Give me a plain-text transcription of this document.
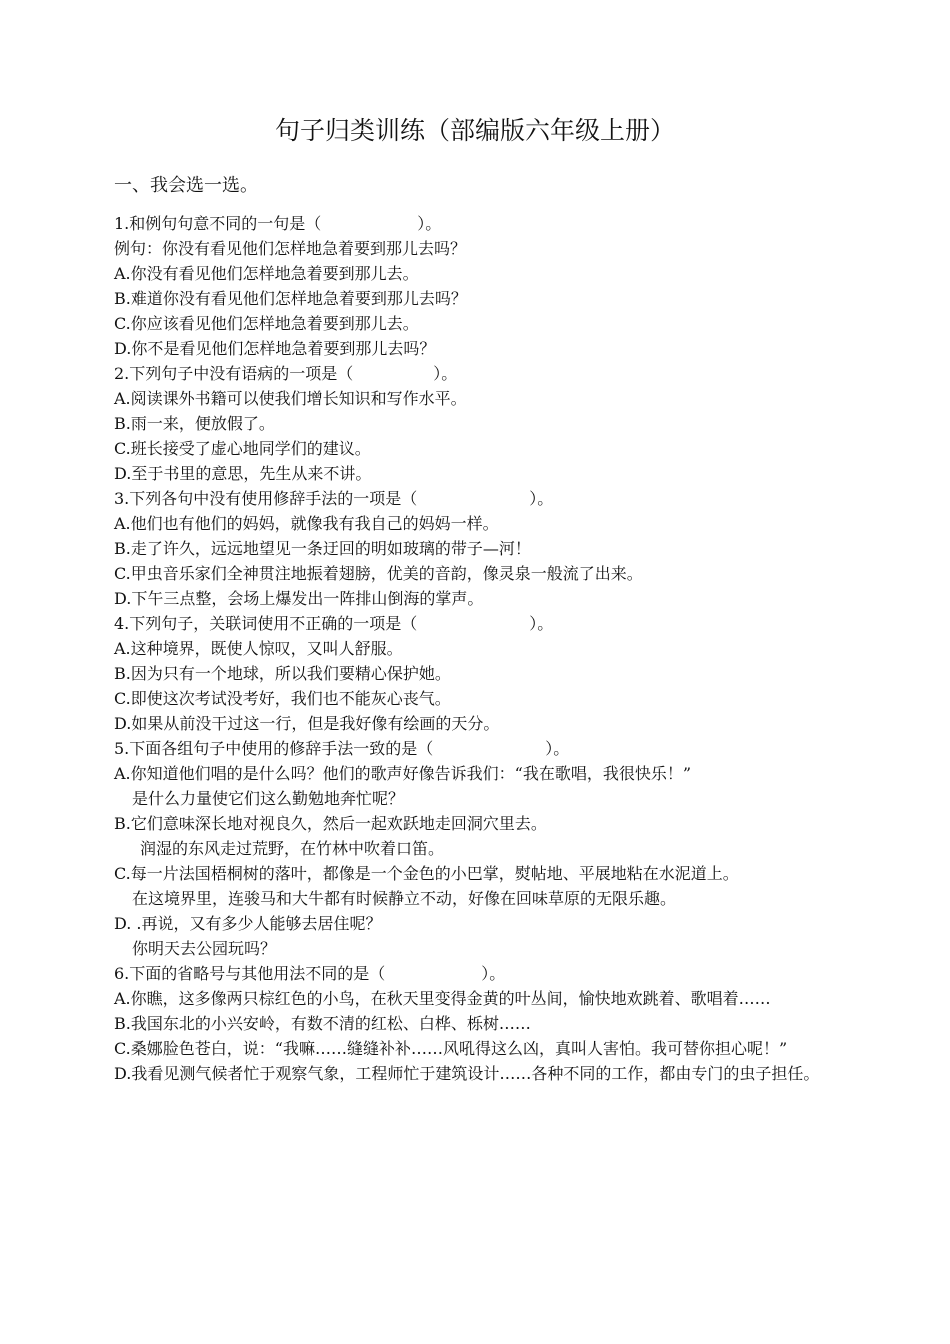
句子归类训练（部编版六年级上册）
一、我会选一选。
1.和例句句意不同的一句是（　　　　　　）。
例句：你没有看见他们怎样地急着要到那儿去吗？
A.你没有看见他们怎样地急着要到那儿去。
B.难道你没有看见他们怎样地急着要到那儿去吗？
C.你应该看见他们怎样地急着要到那儿去。
D.你不是看见他们怎样地急着要到那儿去吗？
2.下列句子中没有语病的一项是（　　　　　）。
A.阅读课外书籍可以使我们增长知识和写作水平。
B.雨一来，便放假了。
C.班长接受了虚心地同学们的建议。
D.至于书里的意思，先生从来不讲。
3.下列各句中没有使用修辞手法的一项是（　　　　　　　）。
A.他们也有他们的妈妈，就像我有我自己的妈妈一样。
B.走了许久，远远地望见一条迂回的明如玻璃的带子—河！
C.甲虫音乐家们全神贯注地振着翅膀，优美的音韵，像灵泉一般流了出来。
D.下午三点整，会场上爆发出一阵排山倒海的掌声。
4.下列句子，关联词使用不正确的一项是（　　　　　　　）。
A.这种境界，既使人惊叹，又叫人舒服。
B.因为只有一个地球，所以我们要精心保护她。
C.即使这次考试没考好，我们也不能灰心丧气。
D.如果从前没干过这一行，但是我好像有绘画的天分。
5.下面各组句子中使用的修辞手法一致的是（　　　　　　　）。
A.你知道他们唱的是什么吗？他们的歌声好像告诉我们：“我在歌唱，我很快乐！”
是什么力量使它们这么勤勉地奔忙呢？
B.它们意味深长地对视良久，然后一起欢跃地走回洞穴里去。
润湿的东风走过荒野，在竹林中吹着口笛。
C.每一片法国梧桐树的落叶，都像是一个金色的小巴掌，熨帖地、平展地粘在水泥道上。
在这境界里，连骏马和大牛都有时候静立不动，好像在回味草原的无限乐趣。
D. .再说，又有多少人能够去居住呢？
你明天去公园玩吗？
6.下面的省略号与其他用法不同的是（　　　　　　）。
A.你瞧，这多像两只棕红色的小鸟，在秋天里变得金黄的叶丛间，愉快地欢跳着、歌唱着……
B.我国东北的小兴安岭，有数不清的红松、白桦、栎树……
C.桑娜脸色苍白，说：“我嘛……缝缝补补……风吼得这么凶，真叫人害怕。我可替你担心呢！”
D.我看见测气候者忙于观察气象，工程师忙于建筑设计……各种不同的工作，都由专门的虫子担任。
